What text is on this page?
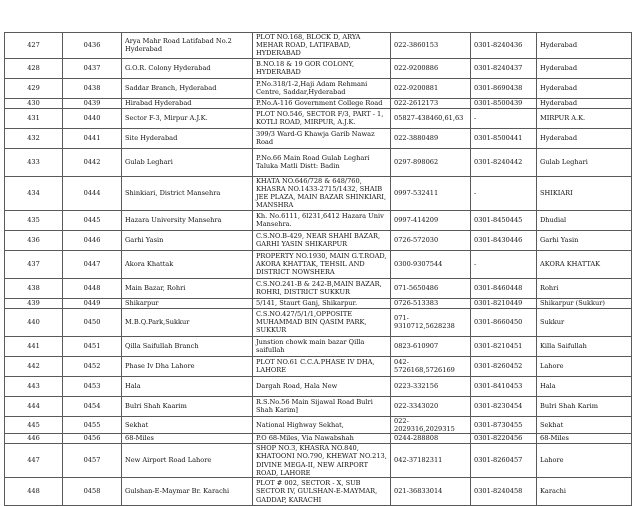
427	0436	Arya Mahr Road Latifabad No.2 Hyderabad	PLOT NO.168, BLOCK D, ARYA MEHAR ROAD, LATIFABAD, HYDERABAD	022-3860153	0301-8240436	Hyderabad
428	0437	G.O.R. Colony Hyderabad	B.NO.18 & 19 GOR COLONY, HYDERABAD	022-9200886	0301-8240437	Hyderabad
429	0438	Saddar Branch, Hyderabad	P.No.318/1-2,Haji Adam Rehmani Centre, Saddar,Hyderabad	022-9200881	0301-8690438	Hyderabad
430	0439	Hirabad Hyderabad	P.No.A-116 Government College Road	022-2612173	0301-8500439	Hyderabad
431	0440	Sector F-3, Mirpur A.J.K.	PLOT NO.546, SECTOR F/3, PART - 1, KOTLI ROAD, MIRPUR, A.J.K.	05827-438460,61,63	-	MIRPUR A.K.
432	0441	Site Hyderabad	399/3 Ward-G Khawja Garib Nawaz Road	022-3880489	0301-8500441	Hyderabad
433	0442	Gulab Leghari	P.No.66 Main Road Gulab Leghari Taluka Matli Distt: Badin	0297-898062	0301-8240442	Gulab Leghari
434	0444	Shinkiari, District Mansehra	KHATA NO.646/728 & 648/760, KHASRA NO.1433-2715/1432, SHAIB JEE PLAZA, MAIN BAZAR SHINKIARI, MANSHRA	0997-532411	-	SHIKIARI
435	0445	Hazara University Mansehra	Kh. No.6111, 6l231,6412 Hazara Univ Mansehra.	0997-414209	0301-8450445	Dhudial
436	0446	Garhi Yasin	C.S.NO.B-429, NEAR SHAHI BAZAR, GARHI YASIN SHIKARPUR	0726-572030	0301-8430446	Garhi Yasin
437	0447	Akora Khattak	PROPERTY NO.1930, MAIN G.T.ROAD, AKORA KHATTAK, TEHSIL AND DISTRICT NOWSHERA	0300-9307544	-	AKORA KHATTAK
438	0448	Main Bazar, Rohri	C.S.NO.241-B & 242-B,MAIN BAZAR, ROHRI, DISTRICT SUKKUR	071-5650486	0301-8460448	Rohri
439	0449	Shikarpur	5/141, Staurt Ganj, Shikarpur.	0726-513383	0301-8210449	Shikarpur (Sukkur)
440	0450	M.B.Q.Park,Sukkur	C.S.NO.427/5/1/1,OPPOSITE MUHAMMAD BIN QASIM PARK, SUKKUR	071-9310712,5628238	0301-8660450	Sukkur
441	0451	Qilla Saifullah Branch	Junstion chowk main bazar Qilla saifullah	0823-610907	0301-8210451	Killa Saifullah
442	0452	Phase Iv Dha Lahore	PLOT NO.61 C.C.A.PHASE IV DHA, LAHORE	042-5726168,5726169	0301-8260452	Lahore
443	0453	Hala	Dargah Road, Hala New	0223-332156	0301-8410453	Hala
444	0454	Bulri Shah Kaarim	R.S.No.56 Main Sijawal Road Bulri Shah Karim]	022-3343020	0301-8230454	Bulri Shah Karim
445	0455	Sekhat	National Highway Sekhat,	022-2029316,2029315	0301-8730455	Sekhat
446	0456	68-Miles	P.O 68-Miles, Via Nawabshah	0244-288808	0301-8220456	68-Miles
447	0457	New Airport Road Lahore	SHOP NO.3, KHASRA NO.840, KHATOONI NO.790, KHEWAT NO.213, DIVINE MEGA-II, NEW AIRPORT ROAD, LAHORE	042-37182311	0301-8260457	Lahore
448	0458	Gulshan-E-Maymar Br. Karachi	PLOT # 002, SECTOR - X, SUB SECTOR IV, GULSHAN-E-MAYMAR, GADDAP, KARACHI	021-36833014	0301-8240458	Karachi
